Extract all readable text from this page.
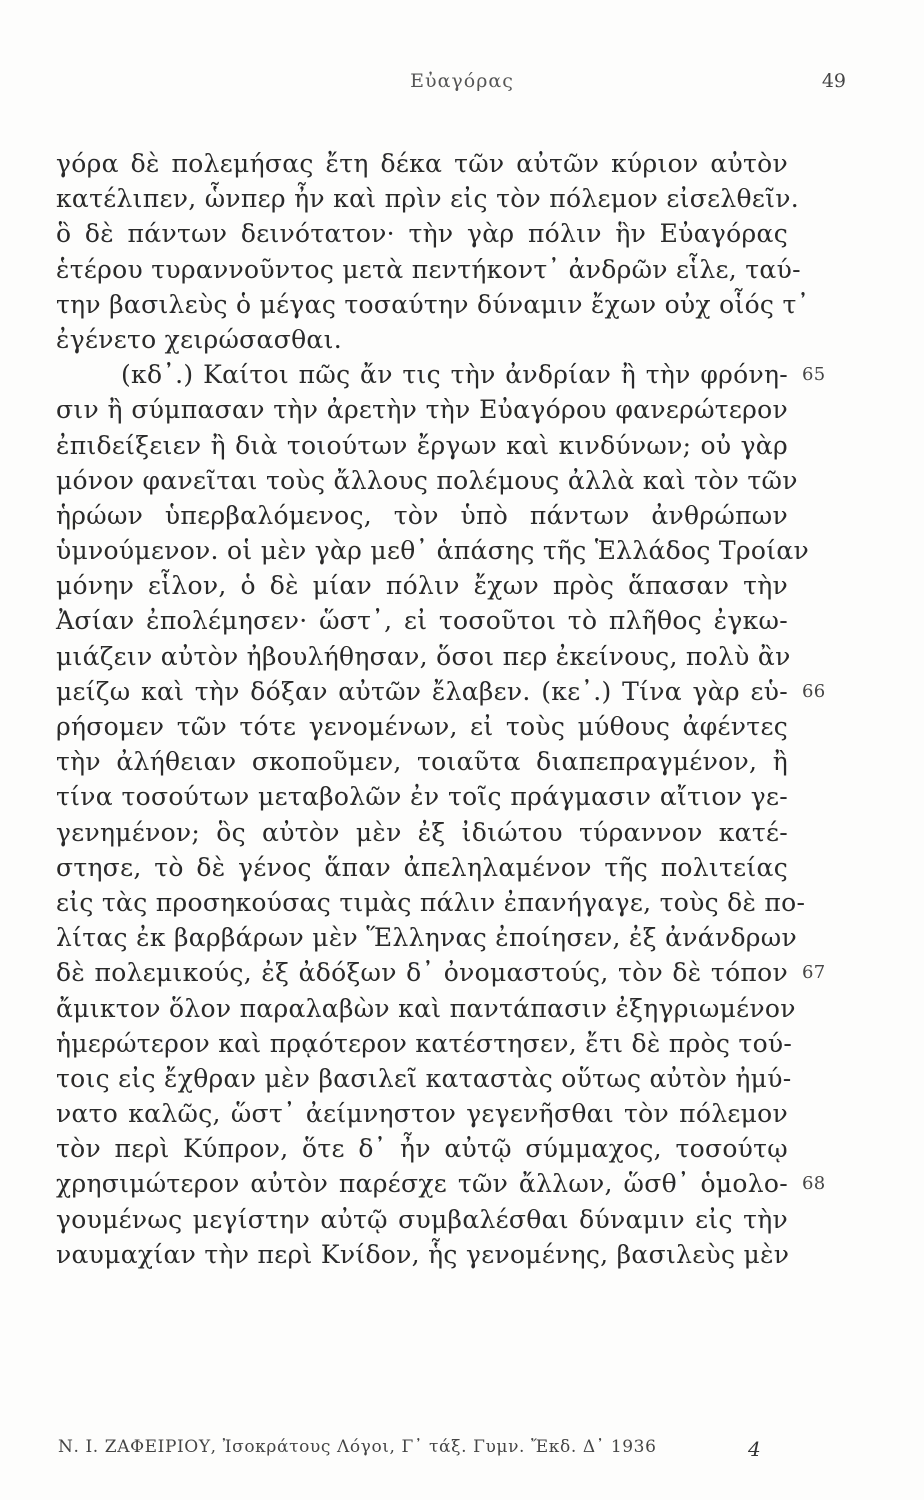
Εὐαγόρας	49
γόρα δὲ πολεμήσας ἔτη δέκα τῶν αὐτῶν κύριον αὐτὸν
κατέλιπεν, ὧνπερ ἦν καὶ πρὶν εἰς τὸν πόλεμον εἰσελθεῖν.
ὃ δὲ πάντων δεινότατον· τὴν γὰρ πόλιν ἣν Εὐαγόρας
ἑτέρου τυραννοῦντος μετὰ πεντήκοντ᾽ ἀνδρῶν εἷλε, ταύ-
την βασιλεὺς ὁ μέγας τοσαύτην δύναμιν ἔχων οὐχ οἷός τ᾽
ἐγένετο χειρώσασθαι.
(κδ᾽.) Καίτοι πῶς ἄν τις τὴν ἀνδρίαν ἢ τὴν φρόνη- 65
σιν ἢ σύμπασαν τὴν ἀρετὴν τὴν Εὐαγόρου φανερώτερον
ἐπιδείξειεν ἢ διὰ τοιούτων ἔργων καὶ κινδύνων; οὐ γὰρ
μόνον φανεῖται τοὺς ἄλλους πολέμους ἀλλὰ καὶ τὸν τῶν
ἡρώων ὑπερβαλόμενος, τὸν ὑπὸ πάντων ἀνθρώπων
ὑμνούμενον. οἱ μὲν γὰρ μεθ᾽ ἁπάσης τῆς Ἑλλάδος Τροίαν
μόνην εἷλον, ὁ δὲ μίαν πόλιν ἔχων πρὸς ἅπασαν τὴν
Ἀσίαν ἐπολέμησεν· ὥστ᾽, εἰ τοσοῦτοι τὸ πλῆθος ἐγκω-
μιάζειν αὐτὸν ἠβουλήθησαν, ὅσοι περ ἐκείνους, πολὺ ἂν
μείζω καὶ τὴν δόξαν αὐτῶν ἔλαβεν. (κε᾽.) Τίνα γὰρ εὑ- 66
ρήσομεν τῶν τότε γενομένων, εἰ τοὺς μύθους ἀφέντες
τὴν ἀλήθειαν σκοποῦμεν, τοιαῦτα διαπεπραγμένον, ἢ
τίνα τοσούτων μεταβολῶν ἐν τοῖς πράγμασιν αἴτιον γε-
γενημένον; ὃς αὐτὸν μὲν ἐξ ἰδιώτου τύραννον κατέ-
στησε, τὸ δὲ γένος ἅπαν ἀπεληλαμένον τῆς πολιτείας
εἰς τὰς προσηκούσας τιμὰς πάλιν ἐπανήγαγε, τοὺς δὲ πο-
λίτας ἐκ βαρβάρων μὲν Ἕλληνας ἐποίησεν, ἐξ ἀνάνδρων
δὲ πολεμικούς, ἐξ ἀδόξων δ᾽ ὀνομαστούς, τὸν δὲ τόπον 67
ἄμικτον ὅλον παραλαβὼν καὶ παντάπασιν ἐξηγριωμένον
ἡμερώτερον καὶ πρᾳότερον κατέστησεν, ἔτι δὲ πρὸς τού-
τοις εἰς ἔχθραν μὲν βασιλεῖ καταστὰς οὕτως αὐτὸν ἠμύ-
νατο καλῶς, ὥστ᾽ ἀείμνηστον γεγενῆσθαι τὸν πόλεμον
τὸν περὶ Κύπρον, ὅτε δ᾽ ἦν αὐτῷ σύμμαχος, τοσούτῳ
χρησιμώτερον αὐτὸν παρέσχε τῶν ἄλλων, ὥσθ᾽ ὁμολο- 68
γουμένως μεγίστην αὐτῷ συμβαλέσθαι δύναμιν εἰς τὴν
ναυμαχίαν τὴν περὶ Κνίδον, ἧς γενομένης, βασιλεὺς μὲν
Ν. Ι. ΖΑΦΕΙΡΙΟΥ, Ἰσοκράτους Λόγοι, Γ᾽ τάξ. Γυμν. Ἔκδ. Δ᾽ 1936	4
